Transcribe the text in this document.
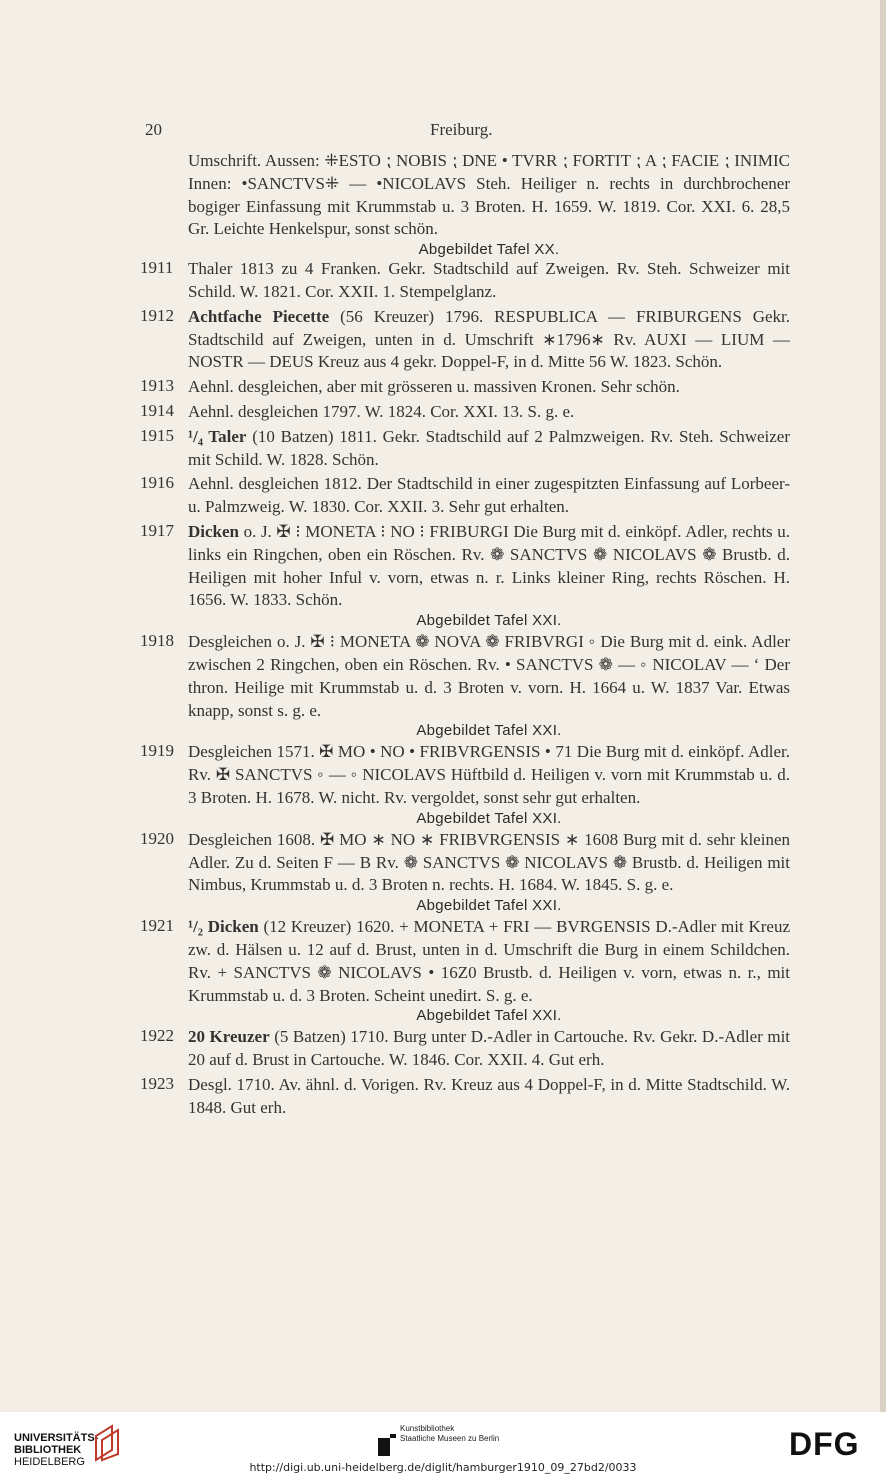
20	Freiburg.
Umschrift. Aussen: ⁜ESTO ⁏ NOBIS ⁏ DNE • TVRR ⁏ FORTIT ⁏ A ⁏ FACIE ⁏ INIMIC Innen: •SANCTVS⁜ — •NICOLAVS Steh. Heiliger n. rechts in durchbrochener bogiger Einfassung mit Krummstab u. 3 Broten. H. 1659. W. 1819. Cor. XXI. 6. 28,5 Gr. Leichte Henkelspur, sonst schön.
Abgebildet Tafel XX.
1911 Thaler 1813 zu 4 Franken. Gekr. Stadtschild auf Zweigen. Rv. Steh. Schweizer mit Schild. W. 1821. Cor. XXII. 1. Stempelglanz.
1912 Achtfache Piecette (56 Kreuzer) 1796. RESPUBLICA — FRIBURGENS Gekr. Stadtschild auf Zweigen, unten in d. Umschrift ∗1796∗ Rv. AUXI — LIUM — NOSTR — DEUS Kreuz aus 4 gekr. Doppel-F, in d. Mitte 56 W. 1823. Schön.
1913 Aehnl. desgleichen, aber mit grösseren u. massiven Kronen. Sehr schön.
1914 Aehnl. desgleichen 1797. W. 1824. Cor. XXI. 13. S. g. e.
1915 ¹/₄ Taler (10 Batzen) 1811. Gekr. Stadtschild auf 2 Palmzweigen. Rv. Steh. Schweizer mit Schild. W. 1828. Schön.
1916 Aehnl. desgleichen 1812. Der Stadtschild in einer zugespitzten Einfassung auf Lorbeer- u. Palmzweig. W. 1830. Cor. XXII. 3. Sehr gut erhalten.
1917 Dicken o. J. ✠ ⁝ MONETA ⁝ NO ⁝ FRIBURGI Die Burg mit d. einköpf. Adler, rechts u. links ein Ringchen, oben ein Röschen. Rv. ❁ SANCTVS ❁ NICOLAVS ❁ Brustb. d. Heiligen mit hoher Inful v. vorn, etwas n. r. Links kleiner Ring, rechts Röschen. H. 1656. W. 1833. Schön.
Abgebildet Tafel XXI.
1918 Desgleichen o. J. ✠ ⁝ MONETA ❁ NOVA ❁ FRIBVRGI ◦ Die Burg mit d. eink. Adler zwischen 2 Ringchen, oben ein Röschen. Rv. • SANCTVS ❁ — ◦ NICOLAV — ‘ Der thron. Heilige mit Krummstab u. d. 3 Broten v. vorn. H. 1664 u. W. 1837 Var. Etwas knapp, sonst s. g. e.
Abgebildet Tafel XXI.
1919 Desgleichen 1571. ✠ MO • NO • FRIBVRGENSIS • 71 Die Burg mit d. einköpf. Adler. Rv. ✠ SANCTVS ◦ — ◦ NICOLAVS Hüftbild d. Heiligen v. vorn mit Krummstab u. d. 3 Broten. H. 1678. W. nicht. Rv. vergoldet, sonst sehr gut erhalten.
Abgebildet Tafel XXI.
1920 Desgleichen 1608. ✠ MO ∗ NO ∗ FRIBVRGENSIS ∗ 1608 Burg mit d. sehr kleinen Adler. Zu d. Seiten F — B Rv. ❁ SANCTVS ❁ NICOLAVS ❁ Brustb. d. Heiligen mit Nimbus, Krummstab u. d. 3 Broten n. rechts. H. 1684. W. 1845. S. g. e.
Abgebildet Tafel XXI.
1921 ¹/₂ Dicken (12 Kreuzer) 1620. + MONETA + FRI — BVRGENSIS D.-Adler mit Kreuz zw. d. Hälsen u. 12 auf d. Brust, unten in d. Umschrift die Burg in einem Schildchen. Rv. + SANCTVS ❁ NICOLAVS • 16Z0 Brustb. d. Heiligen v. vorn, etwas n. r., mit Krummstab u. d. 3 Broten. Scheint unedirt. S. g. e.
Abgebildet Tafel XXI.
1922 20 Kreuzer (5 Batzen) 1710. Burg unter D.-Adler in Cartouche. Rv. Gekr. D.-Adler mit 20 auf d. Brust in Cartouche. W. 1846. Cor. XXII. 4. Gut erh.
1923 Desgl. 1710. Av. ähnl. d. Vorigen. Rv. Kreuz aus 4 Doppel-F, in d. Mitte Stadtschild. W. 1848. Gut erh.
UNIVERSITÄTS-
BIBLIOTHEK
HEIDELBERG
Kunstbibliothek
Staatliche Museen zu Berlin	DFG
http://digi.ub.uni-heidelberg.de/diglit/hamburger1910_09_27bd2/0033
